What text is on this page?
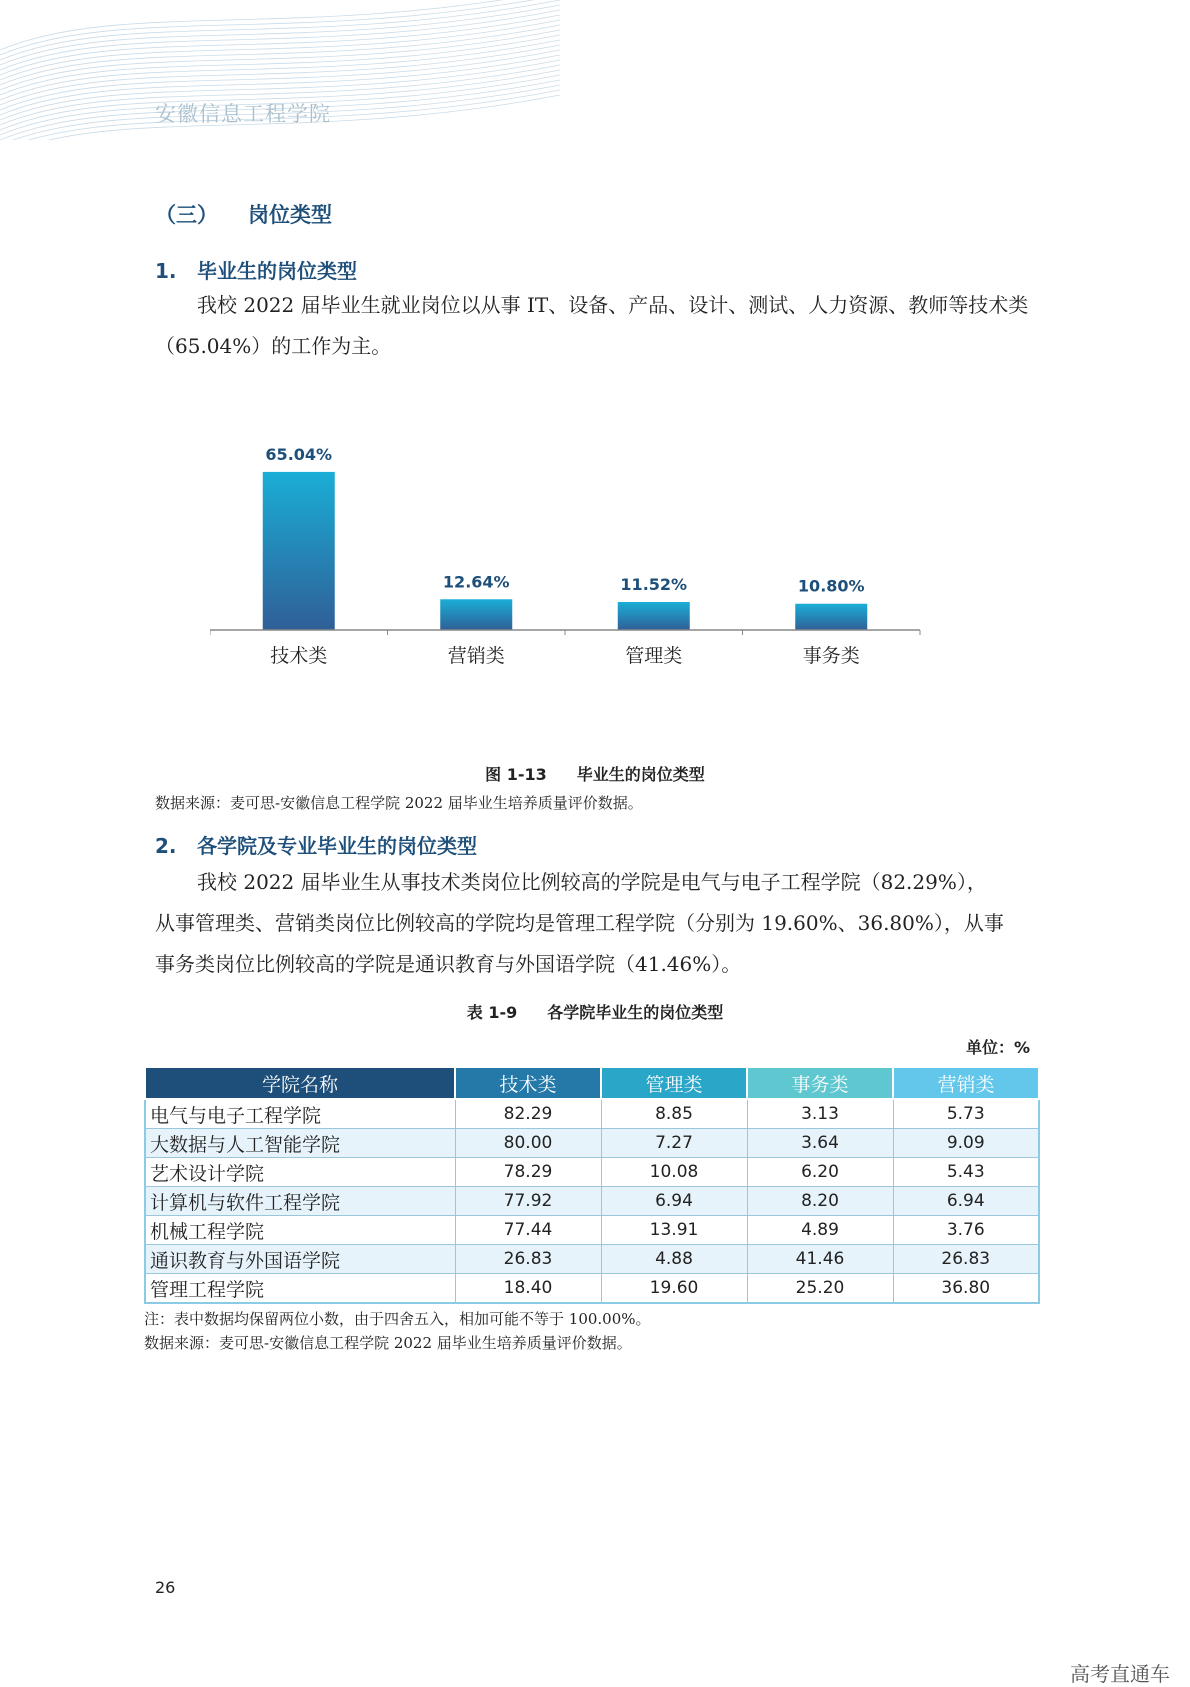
安徽信息工程学院
（三） 岗位类型
1. 毕业生的岗位类型

我校 2022 届毕业生就业岗位以从事 IT、设备、产品、设计、测试、人力资源、教师等技术类（65.04%）的工作为主。

65.04%
12.64%	11.52%	10.80%
技术类	营销类	管理类	事务类
图 1-13 毕业生的岗位类型
数据来源：麦可思-安徽信息工程学院 2022 届毕业生培养质量评价数据。
2. 各学院及专业毕业生的岗位类型
我校 2022 届毕业生从事技术类岗位比例较高的学院是电气与电子工程学院（82.29%），
从事管理类、营销类岗位比例较高的学院均是管理工程学院（分别为 19.60%、36.80%），从事
事务类岗位比例较高的学院是通识教育与外国语学院（41.46%）。
表 1-9 各学院毕业生的岗位类型
单位：%
学院名称	技术类	管理类	事务类	营销类
电气与电子工程学院	82.29	8.85	3.13	5.73
大数据与人工智能学院	80.00	7.27	3.64	9.09
艺术设计学院	78.29	10.08	6.20	5.43
计算机与软件工程学院	77.92	6.94	8.20	6.94
机械工程学院	77.44	13.91	4.89	3.76
通识教育与外国语学院	26.83	4.88	41.46	26.83
管理工程学院	18.40	19.60	25.20	36.80
注：表中数据均保留两位小数，由于四舍五入，相加可能不等于 100.00%。
数据来源：麦可思-安徽信息工程学院 2022 届毕业生培养质量评价数据。
26
高考直通车
